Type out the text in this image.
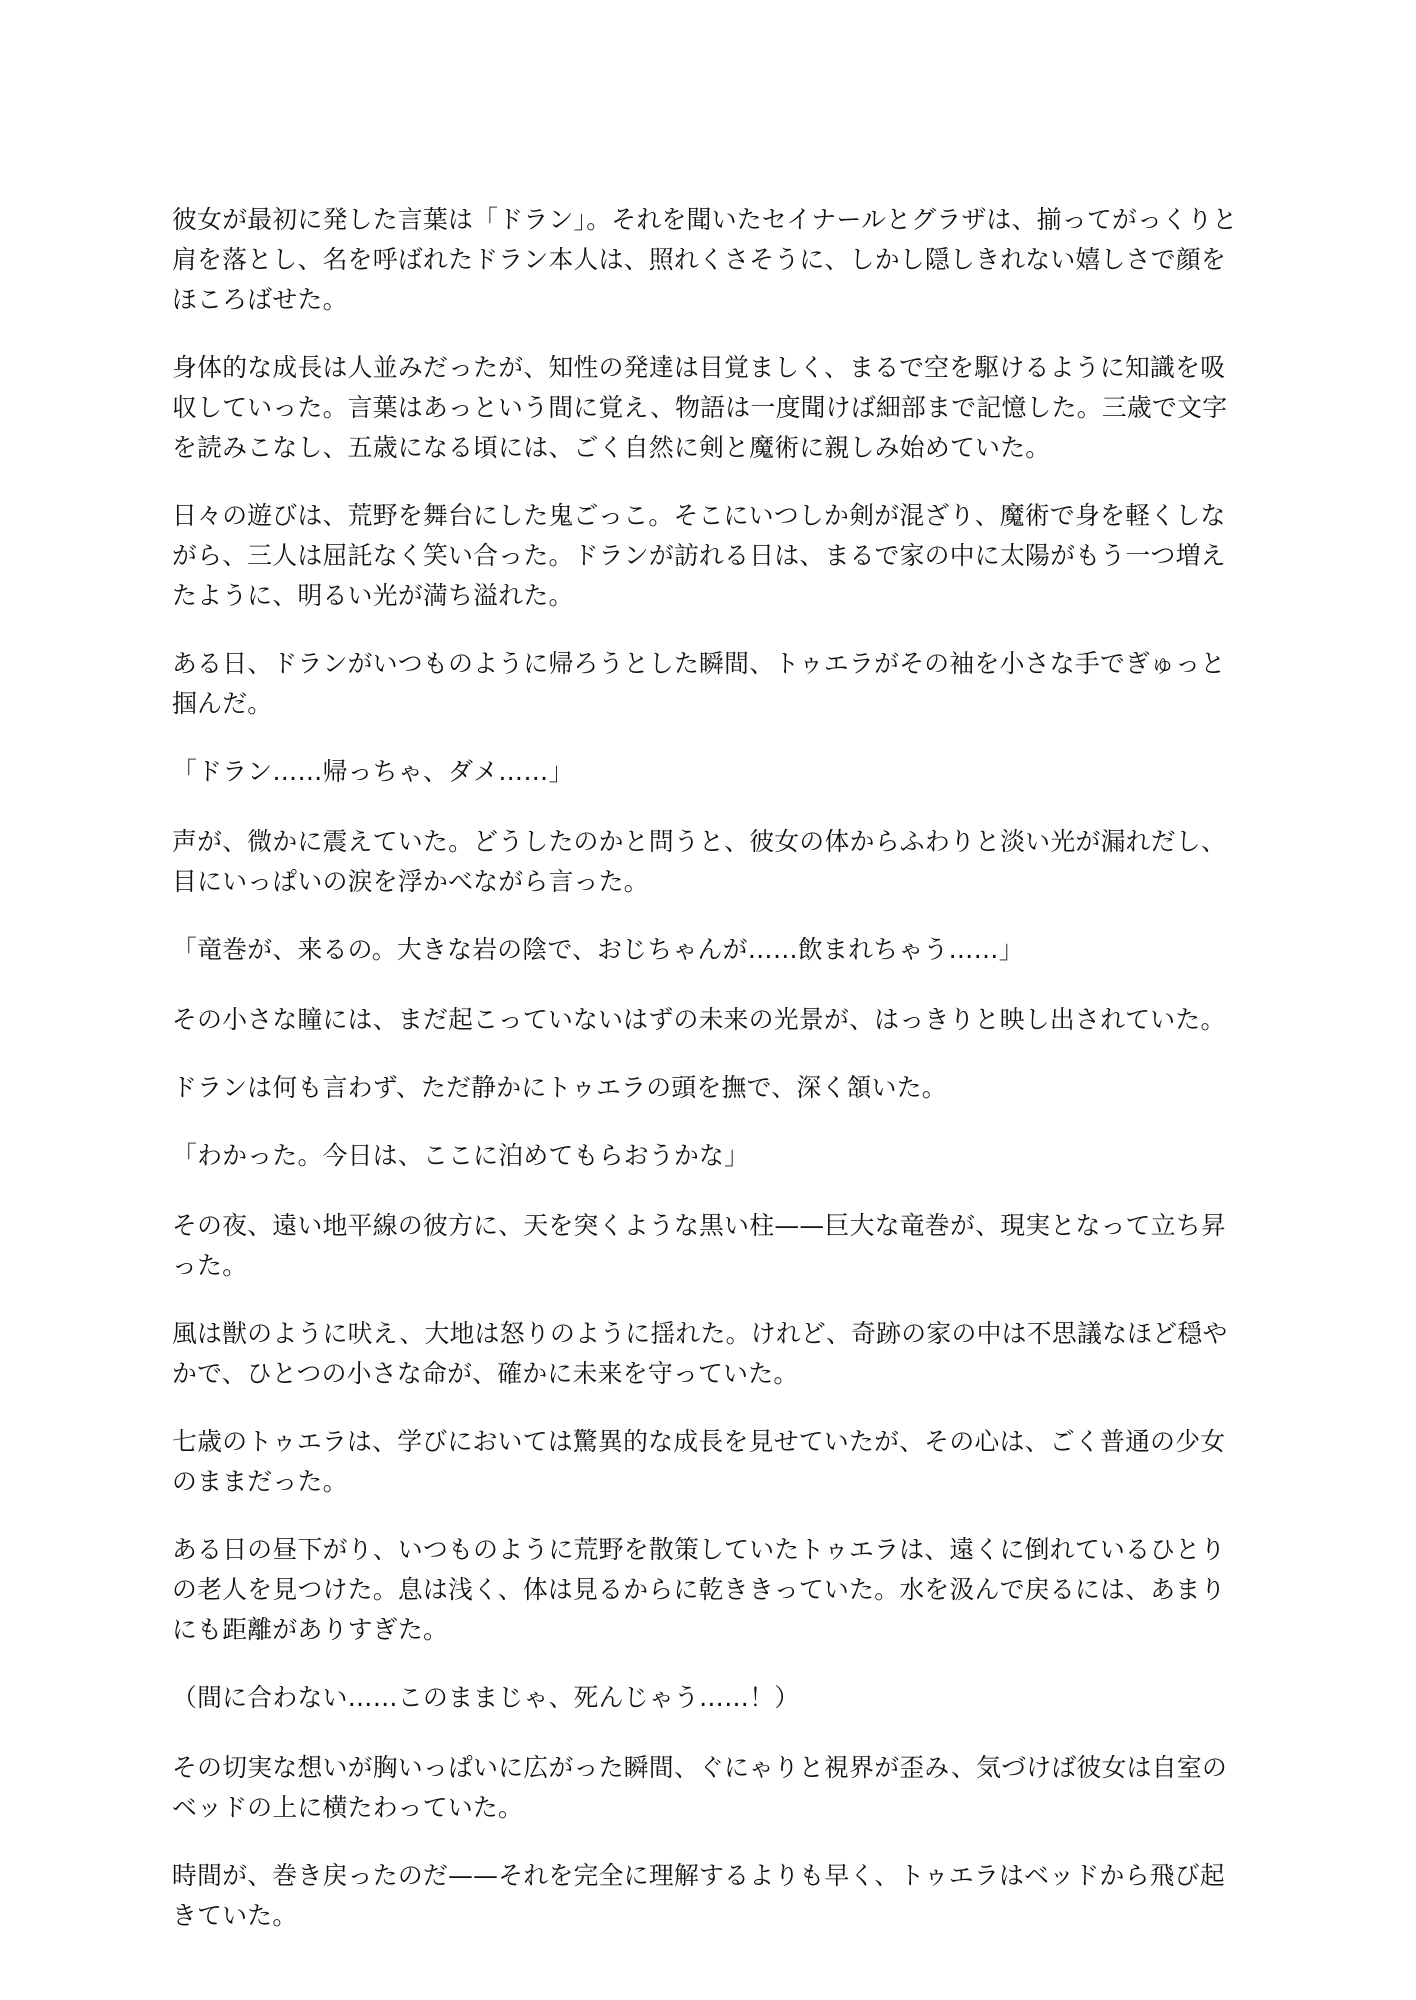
彼女が最初に発した言葉は「ドラン」。それを聞いたセイナールとグラザは、揃ってがっくりと肩を落とし、名を呼ばれたドラン本人は、照れくさそうに、しかし隠しきれない嬉しさで顔をほころばせた。

身体的な成長は人並みだったが、知性の発達は目覚ましく、まるで空を駆けるように知識を吸収していった。言葉はあっという間に覚え、物語は一度聞けば細部まで記憶した。三歳で文字を読みこなし、五歳になる頃には、ごく自然に剣と魔術に親しみ始めていた。

日々の遊びは、荒野を舞台にした鬼ごっこ。そこにいつしか剣が混ざり、魔術で身を軽くしながら、三人は屈託なく笑い合った。ドランが訪れる日は、まるで家の中に太陽がもう一つ増えたように、明るい光が満ち溢れた。

ある日、ドランがいつものように帰ろうとした瞬間、トゥエラがその袖を小さな手でぎゅっと掴んだ。

「ドラン……帰っちゃ、ダメ……」

声が、微かに震えていた。どうしたのかと問うと、彼女の体からふわりと淡い光が漏れだし、目にいっぱいの涙を浮かべながら言った。

「竜巻が、来るの。大きな岩の陰で、おじちゃんが……飲まれちゃう……」

その小さな瞳には、まだ起こっていないはずの未来の光景が、はっきりと映し出されていた。

ドランは何も言わず、ただ静かにトゥエラの頭を撫で、深く頷いた。

「わかった。今日は、ここに泊めてもらおうかな」

その夜、遠い地平線の彼方に、天を突くような黒い柱——巨大な竜巻が、現実となって立ち昇った。

風は獣のように吠え、大地は怒りのように揺れた。けれど、奇跡の家の中は不思議なほど穏やかで、ひとつの小さな命が、確かに未来を守っていた。

七歳のトゥエラは、学びにおいては驚異的な成長を見せていたが、その心は、ごく普通の少女のままだった。

ある日の昼下がり、いつものように荒野を散策していたトゥエラは、遠くに倒れているひとりの老人を見つけた。息は浅く、体は見るからに乾ききっていた。水を汲んで戻るには、あまりにも距離がありすぎた。

（間に合わない……このままじゃ、死んじゃう……！）

その切実な想いが胸いっぱいに広がった瞬間、ぐにゃりと視界が歪み、気づけば彼女は自室のベッドの上に横たわっていた。

時間が、巻き戻ったのだ——それを完全に理解するよりも早く、トゥエラはベッドから飛び起きていた。
